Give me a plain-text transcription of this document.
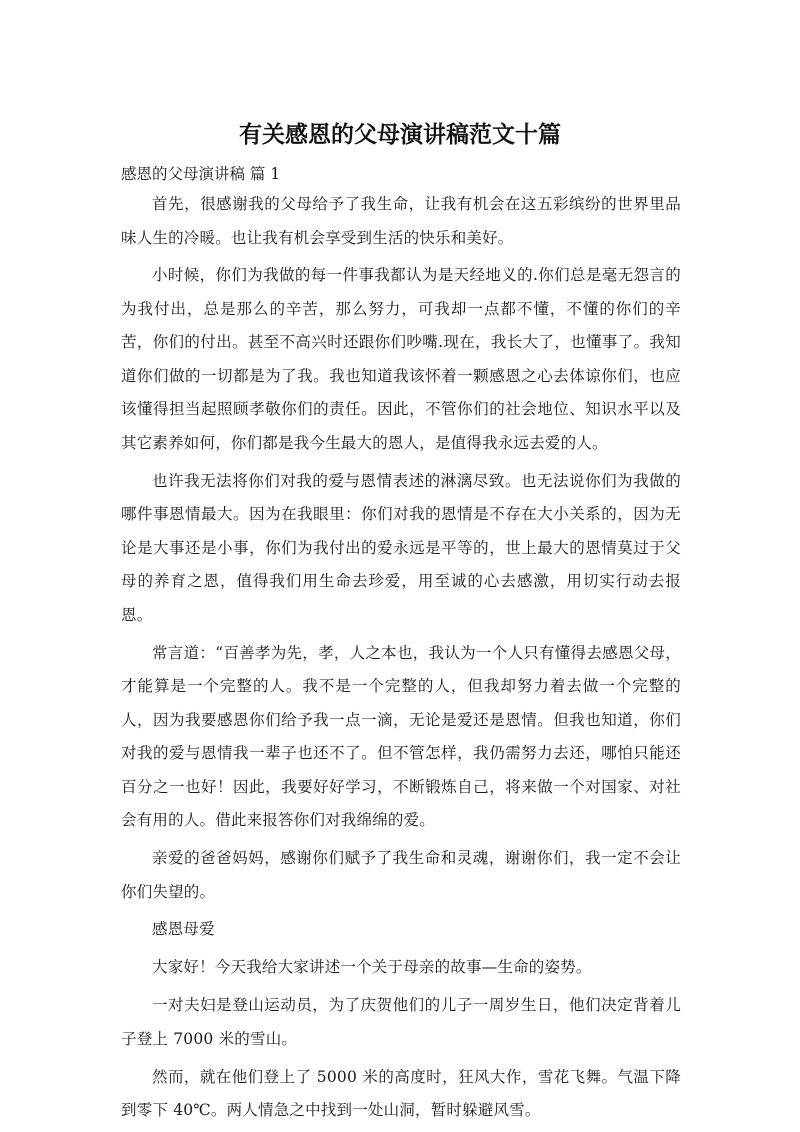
有关感恩的父母演讲稿范文十篇
感恩的父母演讲稿 篇 1

首先，很感谢我的父母给予了我生命，让我有机会在这五彩缤纷的世界里品味人生的冷暖。也让我有机会享受到生活的快乐和美好。

小时候，你们为我做的每一件事我都认为是天经地义的.你们总是毫无怨言的为我付出，总是那么的辛苦，那么努力，可我却一点都不懂，不懂的你们的辛苦，你们的付出。甚至不高兴时还跟你们吵嘴.现在，我长大了，也懂事了。我知道你们做的一切都是为了我。我也知道我该怀着一颗感恩之心去体谅你们，也应该懂得担当起照顾孝敬你们的责任。因此，不管你们的社会地位、知识水平以及其它素养如何，你们都是我今生最大的恩人，是值得我永远去爱的人。

也许我无法将你们对我的爱与恩情表述的淋漓尽致。也无法说你们为我做的哪件事恩情最大。因为在我眼里：你们对我的恩情是不存在大小关系的，因为无论是大事还是小事，你们为我付出的爱永远是平等的，世上最大的恩情莫过于父母的养育之恩，值得我们用生命去珍爱，用至诚的心去感激，用切实行动去报恩。

常言道：“百善孝为先，孝，人之本也，我认为一个人只有懂得去感恩父母，才能算是一个完整的人。我不是一个完整的人，但我却努力着去做一个完整的人，因为我要感恩你们给予我一点一滴，无论是爱还是恩情。但我也知道，你们对我的爱与恩情我一辈子也还不了。但不管怎样，我仍需努力去还，哪怕只能还百分之一也好！因此，我要好好学习，不断锻炼自己，将来做一个对国家、对社会有用的人。借此来报答你们对我绵绵的爱。

亲爱的爸爸妈妈，感谢你们赋予了我生命和灵魂，谢谢你们，我一定不会让你们失望的。

感恩母爱

大家好！今天我给大家讲述一个关于母亲的故事—生命的姿势。

一对夫妇是登山运动员，为了庆贺他们的儿子一周岁生日，他们决定背着儿子登上 7000 米的雪山。

然而，就在他们登上了 5000 米的高度时，狂风大作，雪花飞舞。气温下降到零下 40℃。两人情急之中找到一处山洞，暂时躲避风雪。
